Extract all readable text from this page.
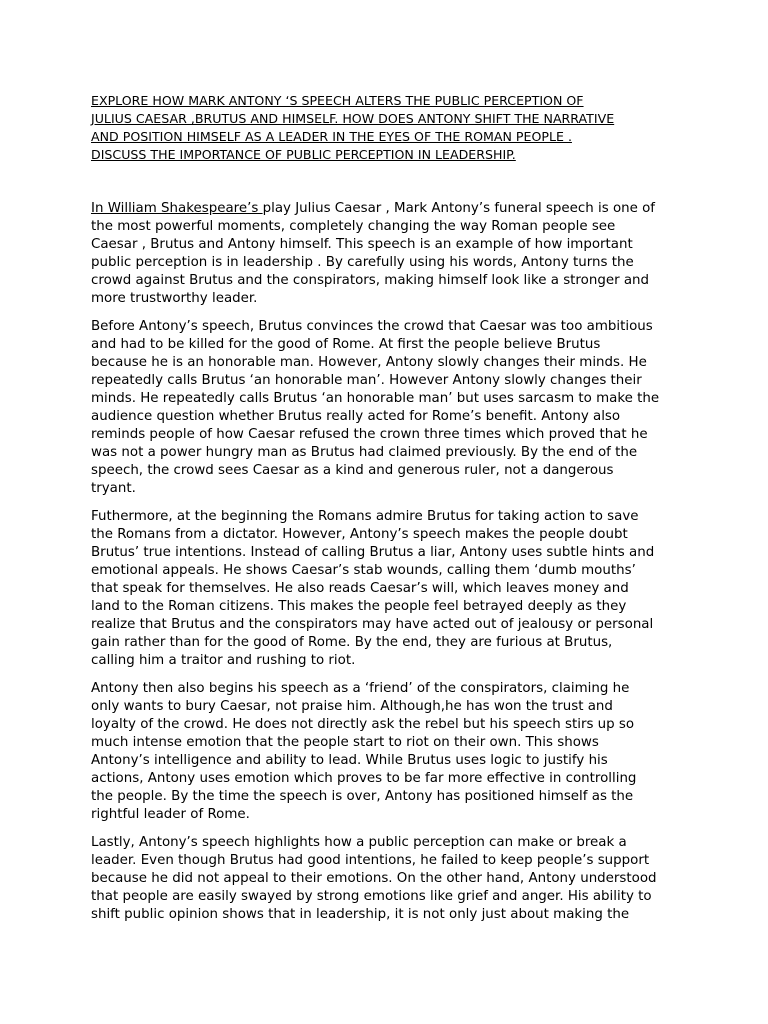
EXPLORE HOW MARK ANTONY ‘S SPEECH ALTERS THE PUBLIC PERCEPTION OF
JULIUS CAESAR ,BRUTUS AND HIMSELF. HOW DOES ANTONY SHIFT THE NARRATIVE
AND POSITION HIMSELF AS A LEADER IN THE EYES OF THE ROMAN PEOPLE .
DISCUSS THE IMPORTANCE OF PUBLIC PERCEPTION IN LEADERSHIP.

In William Shakespeare’s play Julius Caesar , Mark Antony’s funeral speech is one of
the most powerful moments, completely changing the way Roman people see
Caesar , Brutus and Antony himself. This speech is an example of how important
public perception is in leadership . By carefully using his words, Antony turns the
crowd against Brutus and the conspirators, making himself look like a stronger and
more trustworthy leader.

Before Antony’s speech, Brutus convinces the crowd that Caesar was too ambitious
and had to be killed for the good of Rome. At first the people believe Brutus
because he is an honorable man. However, Antony slowly changes their minds. He
repeatedly calls Brutus ‘an honorable man’. However Antony slowly changes their
minds. He repeatedly calls Brutus ‘an honorable man’ but uses sarcasm to make the
audience question whether Brutus really acted for Rome’s benefit. Antony also
reminds people of how Caesar refused the crown three times which proved that he
was not a power hungry man as Brutus had claimed previously. By the end of the
speech, the crowd sees Caesar as a kind and generous ruler, not a dangerous
tryant.

Futhermore, at the beginning the Romans admire Brutus for taking action to save
the Romans from a dictator. However, Antony’s speech makes the people doubt
Brutus’ true intentions. Instead of calling Brutus a liar, Antony uses subtle hints and
emotional appeals. He shows Caesar’s stab wounds, calling them ‘dumb mouths’
that speak for themselves. He also reads Caesar’s will, which leaves money and
land to the Roman citizens. This makes the people feel betrayed deeply as they
realize that Brutus and the conspirators may have acted out of jealousy or personal
gain rather than for the good of Rome. By the end, they are furious at Brutus,
calling him a traitor and rushing to riot.

Antony then also begins his speech as a ‘friend’ of the conspirators, claiming he
only wants to bury Caesar, not praise him. Although,he has won the trust and
loyalty of the crowd. He does not directly ask the rebel but his speech stirs up so
much intense emotion that the people start to riot on their own. This shows
Antony’s intelligence and ability to lead. While Brutus uses logic to justify his
actions, Antony uses emotion which proves to be far more effective in controlling
the people. By the time the speech is over, Antony has positioned himself as the
rightful leader of Rome.

Lastly, Antony’s speech highlights how a public perception can make or break a
leader. Even though Brutus had good intentions, he failed to keep people’s support
because he did not appeal to their emotions. On the other hand, Antony understood
that people are easily swayed by strong emotions like grief and anger. His ability to
shift public opinion shows that in leadership, it is not only just about making the
